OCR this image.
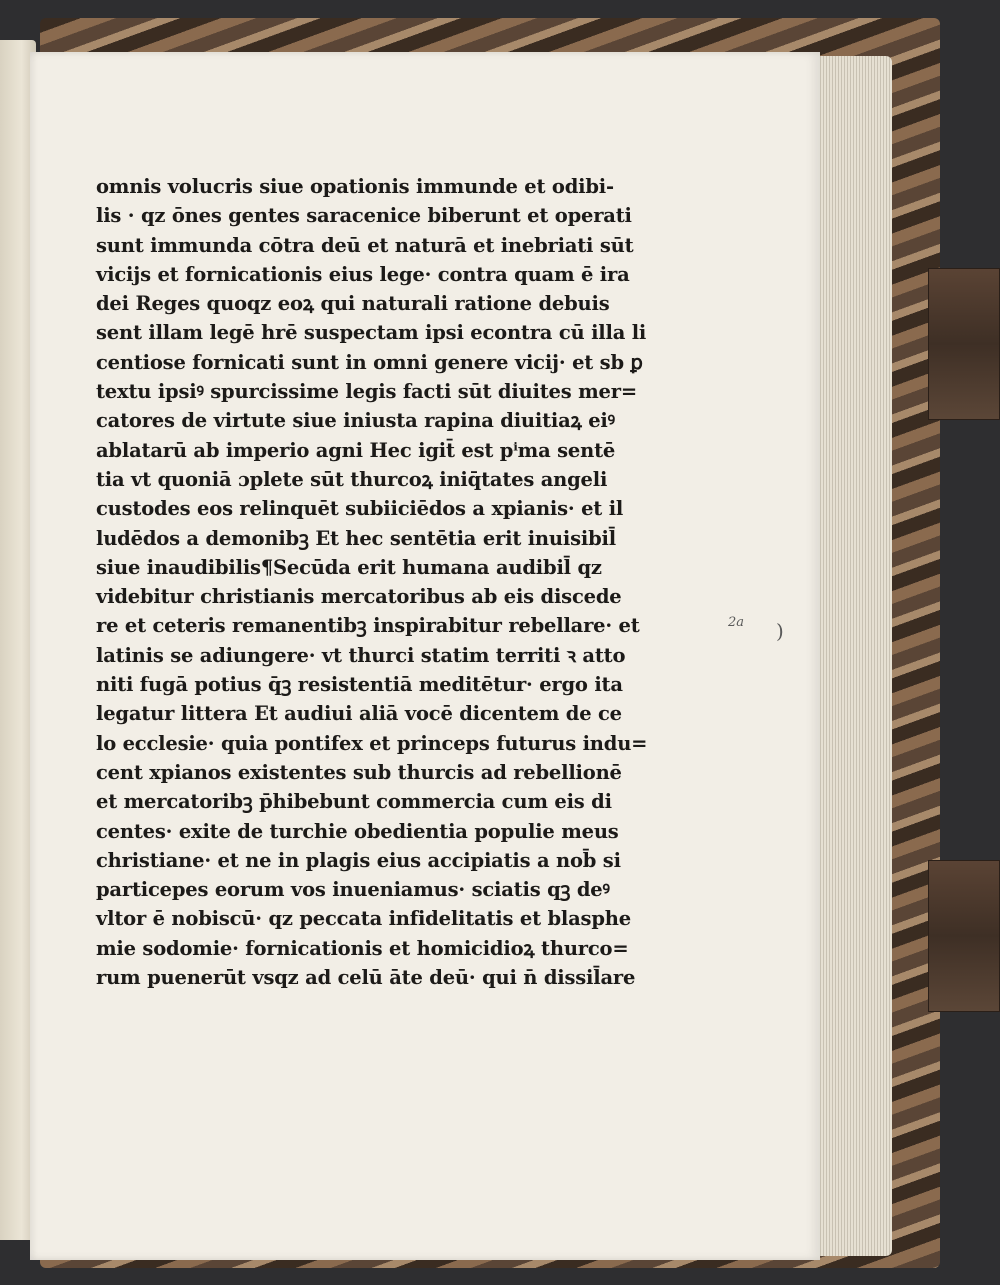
omnis volucris siue opationis immunde et odibi-
lis · qz ōnes gentes saracenice biberunt et operati
sunt immunda cōtra deū et naturā et inebriati sūt
vicijs et fornicationis eius lege· contra quam ē ira
dei Reges quoqz eoꝝ qui naturali ratione debuis
sent illam legē hrē suspectam ipsi econtra cū illa li
centiose fornicati sunt in omni genere vicij· et sb ꝑ
textu ipsiꝰ spurcissime legis facti sūt diuites mer=
catores de virtute siue iniusta rapina diuitiaꝝ eiꝰ
ablatarū ab imperio agni Hec igit̄ est pⁱma sentē
tia vt quoniā ɔplete sūt thurcoꝝ iniq̄tates angeli
custodes eos relinquēt subiiciēdos a xpianis· et il
ludēdos a demonibꝫ Et hec sentētia erit inuisibil̄
siue inaudibilis¶Secūda erit humana audibil̄ qz
videbitur christianis mercatoribus ab eis discede
re et ceteris remanentibꝫ inspirabitur rebellare· et
latinis se adiungere· vt thurci statim territi ꝛ atto
niti fugā potius q̄ꝫ resistentiā meditētur· ergo ita
legatur littera Et audiui aliā vocē dicentem de ce
lo ecclesie· quia pontifex et princeps futurus indu=
cent xpianos existentes sub thurcis ad rebellionē
et mercatoribꝫ p̄hibebunt commercia cum eis di
centes· exite de turchie obedientia populie meus
christiane· et ne in plagis eius accipiatis a nob̄ si
particepes eorum vos inueniamus· sciatis qꝫ deꝰ
vltor ē nobiscū· qz peccata infidelitatis et blasphe
mie sodomie· fornicationis et homicidioꝝ thurco=
rum puenerūt vsqz ad celū āte deū· qui n̄ dissil̄are
2a )
